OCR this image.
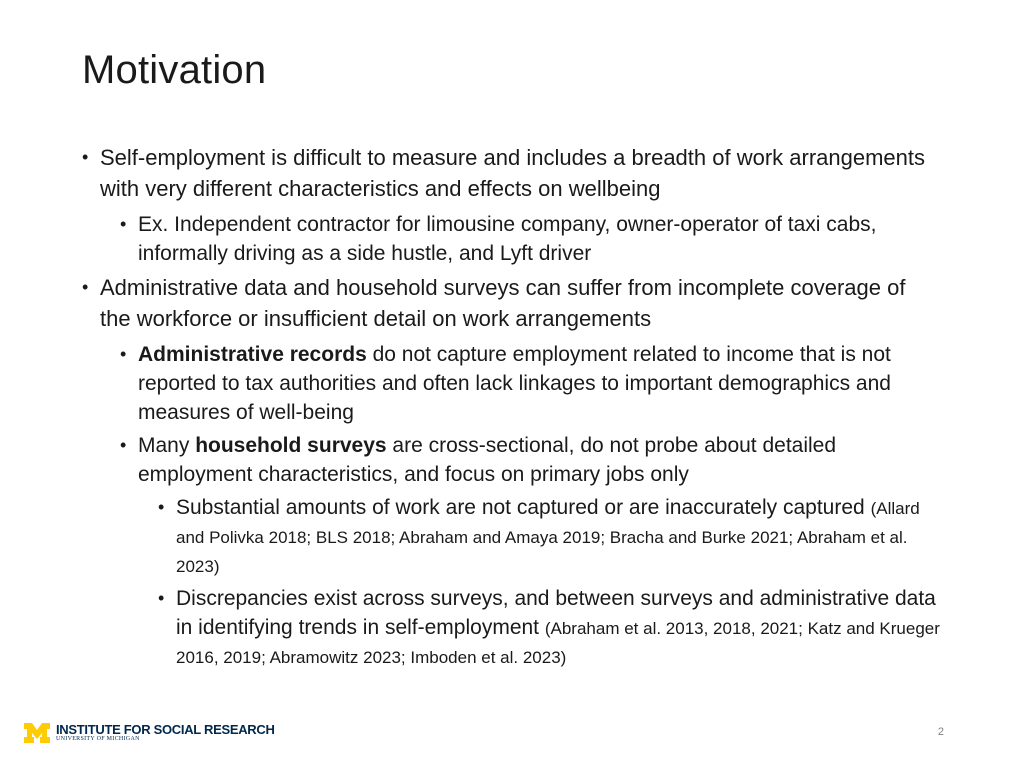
Motivation

• Self-employment is difficult to measure and includes a breadth of work arrangements with very different characteristics and effects on wellbeing

• Ex. Independent contractor for limousine company, owner-operator of taxi cabs, informally driving as a side hustle, and Lyft driver

• Administrative data and household surveys can suffer from incomplete coverage of the workforce or insufficient detail on work arrangements

• Administrative records do not capture employment related to income that is not reported to tax authorities and often lack linkages to important demographics and measures of well-being

• Many household surveys are cross-sectional, do not probe about detailed employment characteristics, and focus on primary jobs only

• Substantial amounts of work are not captured or are inaccurately captured (Allard and Polivka 2018; BLS 2018; Abraham and Amaya 2019; Bracha and Burke 2021; Abraham et al. 2023)

• Discrepancies exist across surveys, and between surveys and administrative data in identifying trends in self-employment (Abraham et al. 2013, 2018, 2021; Katz and Krueger 2016, 2019; Abramowitz 2023; Imboden et al. 2023)

INSTITUTE FOR SOCIAL RESEARCH
UNIVERSITY OF MICHIGAN
2
